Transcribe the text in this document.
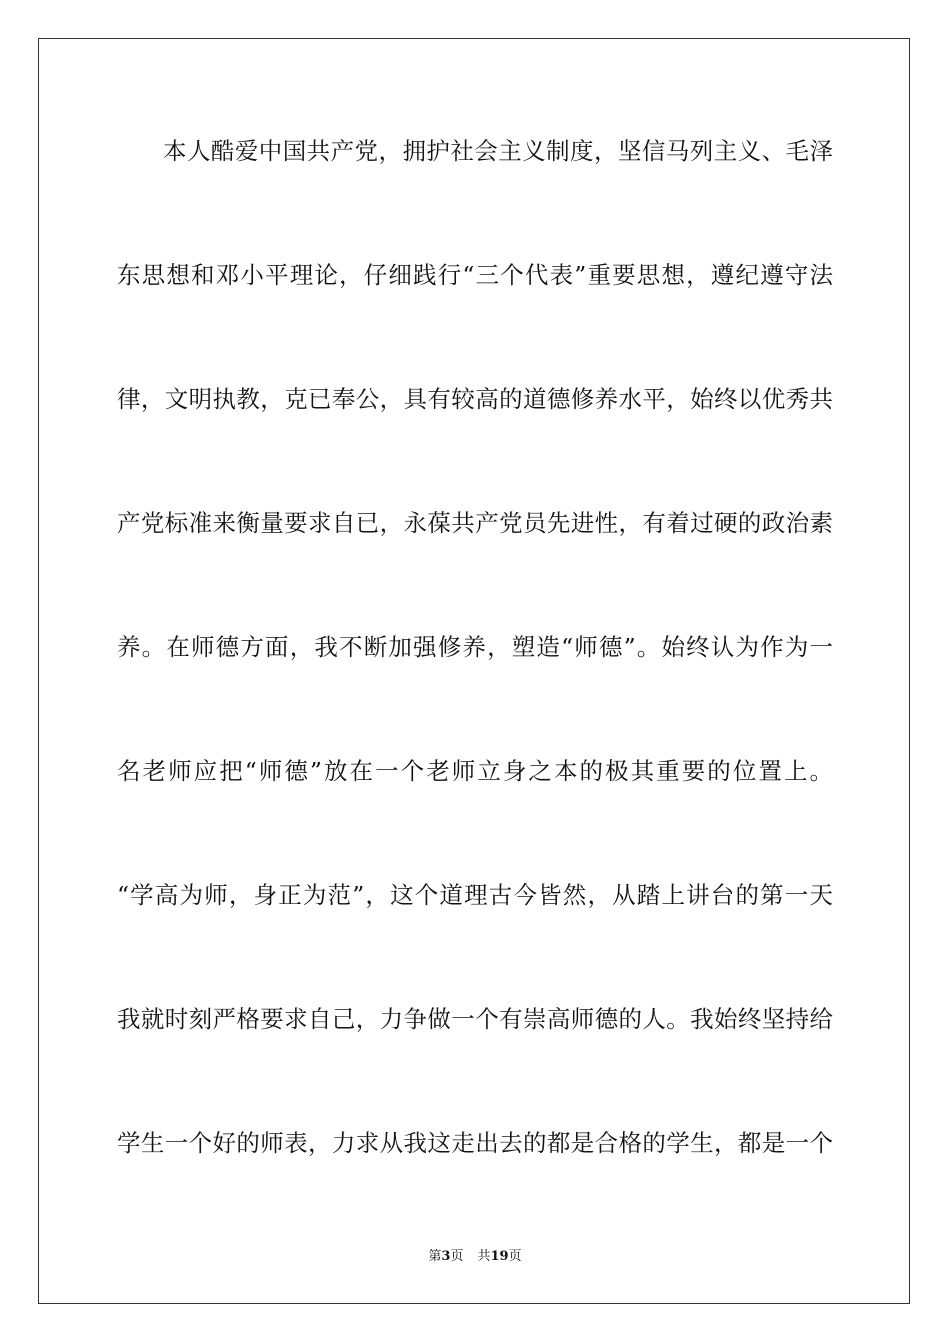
本人酷爱中国共产党，拥护社会主义制度，坚信马列主义、毛泽
东思想和邓小平理论，仔细践行“三个代表”重要思想，遵纪遵守法
律，文明执教，克已奉公，具有较高的道德修养水平，始终以优秀共
产党标准来衡量要求自已，永葆共产党员先进性，有着过硬的政治素
养。在师德方面，我不断加强修养，塑造“师德”。始终认为作为一
名老师应把“师德”放在一个老师立身之本的极其重要的位置上。
“学高为师，身正为范”，这个道理古今皆然，从踏上讲台的第一天
我就时刻严格要求自己，力争做一个有崇高师德的人。我始终坚持给
学生一个好的师表，力求从我这走出去的都是合格的学生，都是一个
第3页 共19页
